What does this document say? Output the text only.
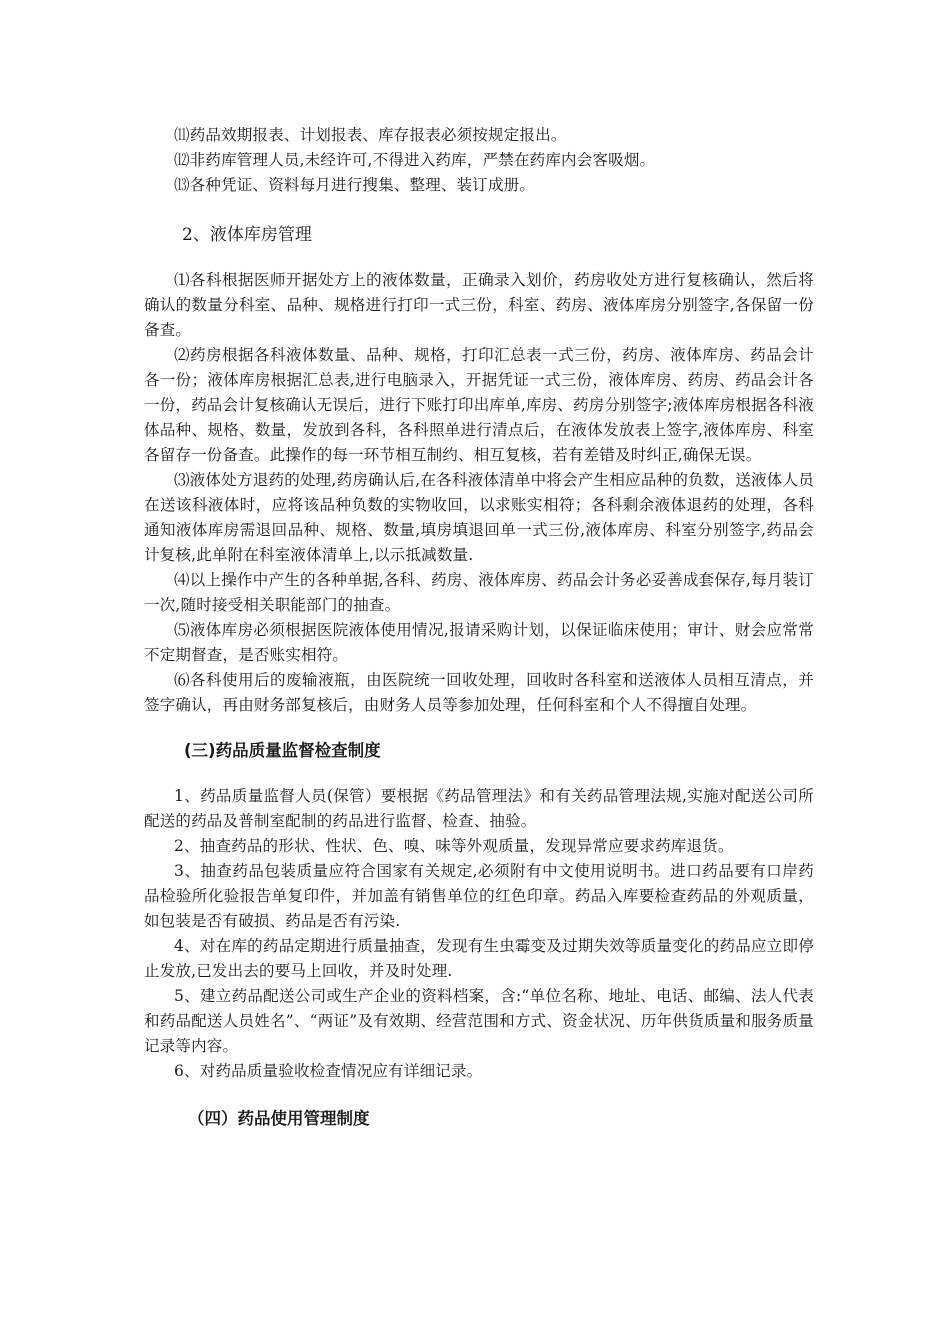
⑾药品效期报表、计划报表、库存报表必须按规定报出。

⑿非药库管理人员,未经许可,不得进入药库，严禁在药库内会客吸烟。

⒀各种凭证、资料每月进行搜集、整理、装订成册。

2、液体库房管理

⑴各科根据医师开据处方上的液体数量，正确录入划价，药房收处方进行复核确认，然后将确认的数量分科室、品种、规格进行打印一式三份，科室、药房、液体库房分别签字,各保留一份备查。

⑵药房根据各科液体数量、品种、规格，打印汇总表一式三份，药房、液体库房、药品会计各一份；液体库房根据汇总表,进行电脑录入，开据凭证一式三份，液体库房、药房、药品会计各一份，药品会计复核确认无误后，进行下账打印出库单,库房、药房分别签字;液体库房根据各科液体品种、规格、数量，发放到各科，各科照单进行清点后，在液体发放表上签字,液体库房、科室各留存一份备查。此操作的每一环节相互制约、相互复核，若有差错及时纠正,确保无误。

⑶液体处方退药的处理,药房确认后,在各科液体清单中将会产生相应品种的负数，送液体人员在送该科液体时，应将该品种负数的实物收回，以求账实相符；各科剩余液体退药的处理，各科通知液体库房需退回品种、规格、数量,填房填退回单一式三份,液体库房、科室分别签字,药品会计复核,此单附在科室液体清单上,以示抵减数量.

⑷以上操作中产生的各种单据,各科、药房、液体库房、药品会计务必妥善成套保存,每月装订一次,随时接受相关职能部门的抽查。

⑸液体库房必须根据医院液体使用情况,报请采购计划，以保证临床使用；审计、财会应常常不定期督查，是否账实相符。

⑹各科使用后的废输液瓶，由医院统一回收处理，回收时各科室和送液体人员相互清点，并签字确认，再由财务部复核后，由财务人员等参加处理，任何科室和个人不得擅自处理。

(三)药品质量监督检查制度

1、药品质量监督人员(保管）要根据《药品管理法》和有关药品管理法规,实施对配送公司所配送的药品及普制室配制的药品进行监督、检查、抽验。

2、抽查药品的形状、性状、色、嗅、味等外观质量，发现异常应要求药库退货。

3、抽查药品包装质量应符合国家有关规定,必须附有中文使用说明书。进口药品要有口岸药品检验所化验报告单复印件，并加盖有销售单位的红色印章。药品入库要检查药品的外观质量，如包装是否有破损、药品是否有污染.

4、对在库的药品定期进行质量抽查，发现有生虫霉变及过期失效等质量变化的药品应立即停止发放,已发出去的要马上回收，并及时处理.

5、建立药品配送公司或生产企业的资料档案，含:“单位名称、地址、电话、邮编、法人代表和药品配送人员姓名”、“两证”及有效期、经营范围和方式、资金状况、历年供货质量和服务质量记录等内容。

6、对药品质量验收检查情况应有详细记录。

（四）药品使用管理制度
